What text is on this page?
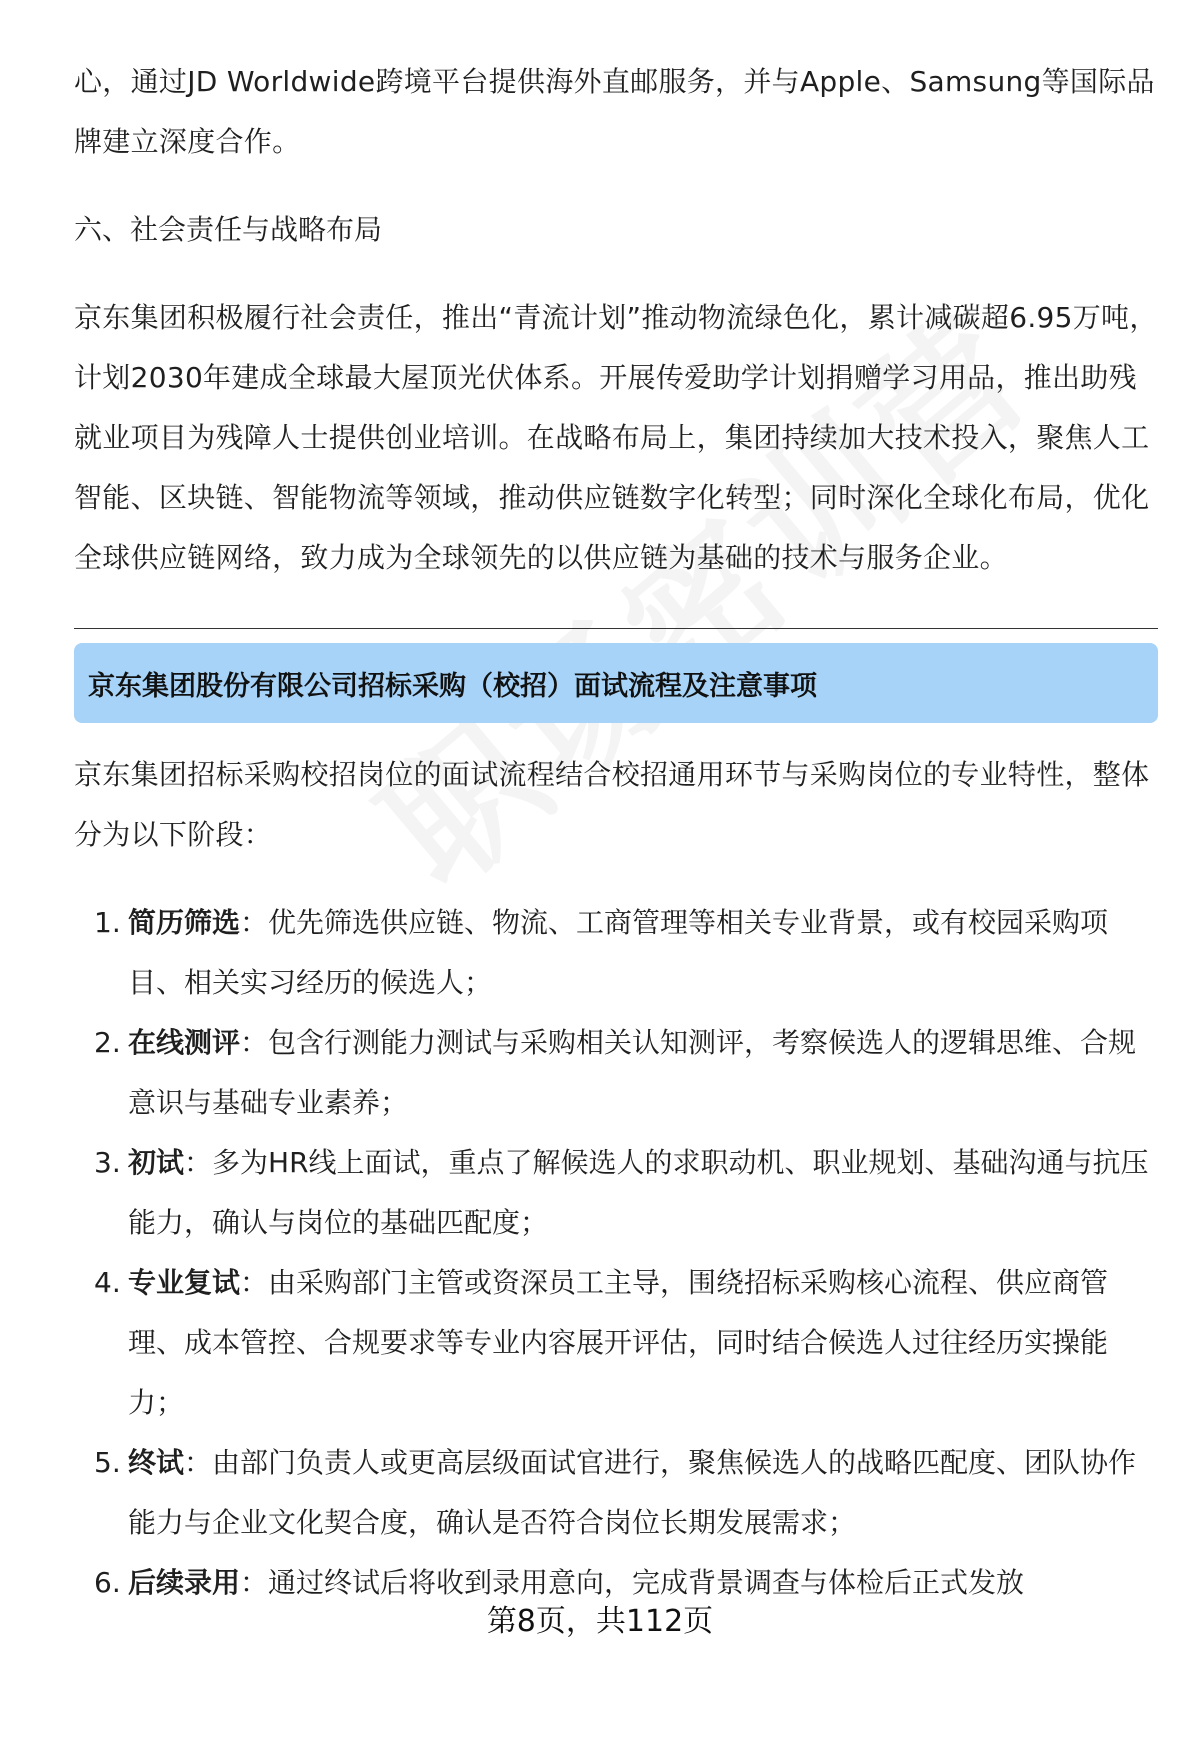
心，通过JD Worldwide跨境平台提供海外直邮服务，并与Apple、Samsung等国际品牌建立深度合作。

六、社会责任与战略布局

京东集团积极履行社会责任，推出“青流计划”推动物流绿色化，累计减碳超6.95万吨，计划2030年建成全球最大屋顶光伏体系。开展传爱助学计划捐赠学习用品，推出助残就业项目为残障人士提供创业培训。在战略布局上，集团持续加大技术投入，聚焦人工智能、区块链、智能物流等领域，推动供应链数字化转型；同时深化全球化布局，优化全球供应链网络，致力成为全球领先的以供应链为基础的技术与服务企业。

京东集团股份有限公司招标采购（校招）面试流程及注意事项

京东集团招标采购校招岗位的面试流程结合校招通用环节与采购岗位的专业特性，整体分为以下阶段：

1. 简历筛选：优先筛选供应链、物流、工商管理等相关专业背景，或有校园采购项目、相关实习经历的候选人；
2. 在线测评：包含行测能力测试与采购相关认知测评，考察候选人的逻辑思维、合规意识与基础专业素养；
3. 初试：多为HR线上面试，重点了解候选人的求职动机、职业规划、基础沟通与抗压能力，确认与岗位的基础匹配度；
4. 专业复试：由采购部门主管或资深员工主导，围绕招标采购核心流程、供应商管理、成本管控、合规要求等专业内容展开评估，同时结合候选人过往经历实操能力；
5. 终试：由部门负责人或更高层级面试官进行，聚焦候选人的战略匹配度、团队协作能力与企业文化契合度，确认是否符合岗位长期发展需求；
6. 后续录用：通过终试后将收到录用意向，完成背景调查与体检后正式发放
第8页，共112页
